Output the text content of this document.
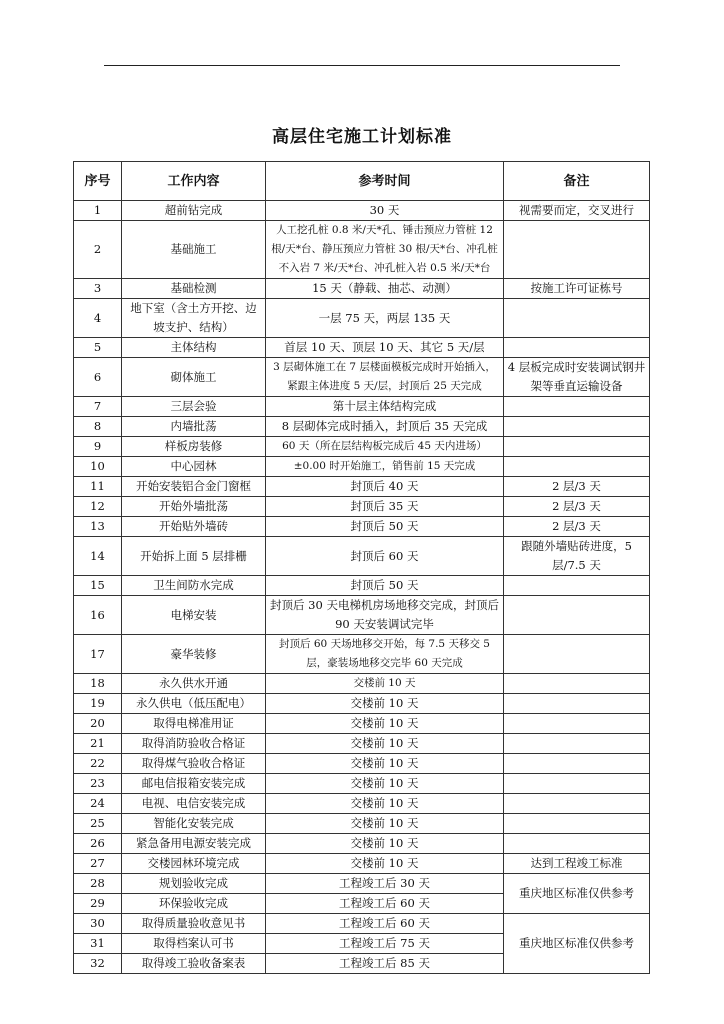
高层住宅施工计划标准
序号	工作内容	参考时间	备注
1	超前钻完成	30 天	视需要而定，交叉进行
2	基础施工	人工挖孔桩 0.8 米/天*孔、锤击预应力管桩 12 根/天*台、静压预应力管桩 30 根/天*台、冲孔桩不入岩 7 米/天*台、冲孔桩入岩 0.5 米/天*台	
3	基础检测	15 天（静载、抽芯、动测）	按施工许可证栋号
4	地下室（含土方开挖、边坡支护、结构）	一层 75 天，两层 135 天	
5	主体结构	首层 10 天、顶层 10 天、其它 5 天/层	
6	砌体施工	3 层砌体施工在 7 层楼面模板完成时开始插入，紧跟主体进度 5 天/层，封顶后 25 天完成	4 层板完成时安装调试钢井架等垂直运输设备
7	三层会验	第十层主体结构完成	
8	内墙批荡	8 层砌体完成时插入，封顶后 35 天完成	
9	样板房装修	60 天（所在层结构板完成后 45 天内进场）	
10	中心园林	±0.00 时开始施工，销售前 15 天完成	
11	开始安装铝合金门窗框	封顶后 40 天	2 层/3 天
12	开始外墙批荡	封顶后 35 天	2 层/3 天
13	开始贴外墙砖	封顶后 50 天	2 层/3 天
14	开始拆上面 5 层排栅	封顶后 60 天	跟随外墙贴砖进度，5 层/7.5 天
15	卫生间防水完成	封顶后 50 天	
16	电梯安装	封顶后 30 天电梯机房场地移交完成，封顶后 90 天安装调试完毕	
17	豪华装修	封顶后 60 天场地移交开始，每 7.5 天移交 5 层，豪装场地移交完毕 60 天完成	
18	永久供水开通	交楼前 10 天	
19	永久供电（低压配电）	交楼前 10 天	
20	取得电梯准用证	交楼前 10 天	
21	取得消防验收合格证	交楼前 10 天	
22	取得煤气验收合格证	交楼前 10 天	
23	邮电信报箱安装完成	交楼前 10 天	
24	电视、电信安装完成	交楼前 10 天	
25	智能化安装完成	交楼前 10 天	
26	紧急备用电源安装完成	交楼前 10 天	
27	交楼园林环境完成	交楼前 10 天	达到工程竣工标准
28	规划验收完成	工程竣工后 30 天	重庆地区标准仅供参考
29	环保验收完成	工程竣工后 60 天	
30	取得质量验收意见书	工程竣工后 60 天	重庆地区标准仅供参考
31	取得档案认可书	工程竣工后 75 天	
32	取得竣工验收备案表	工程竣工后 85 天	
